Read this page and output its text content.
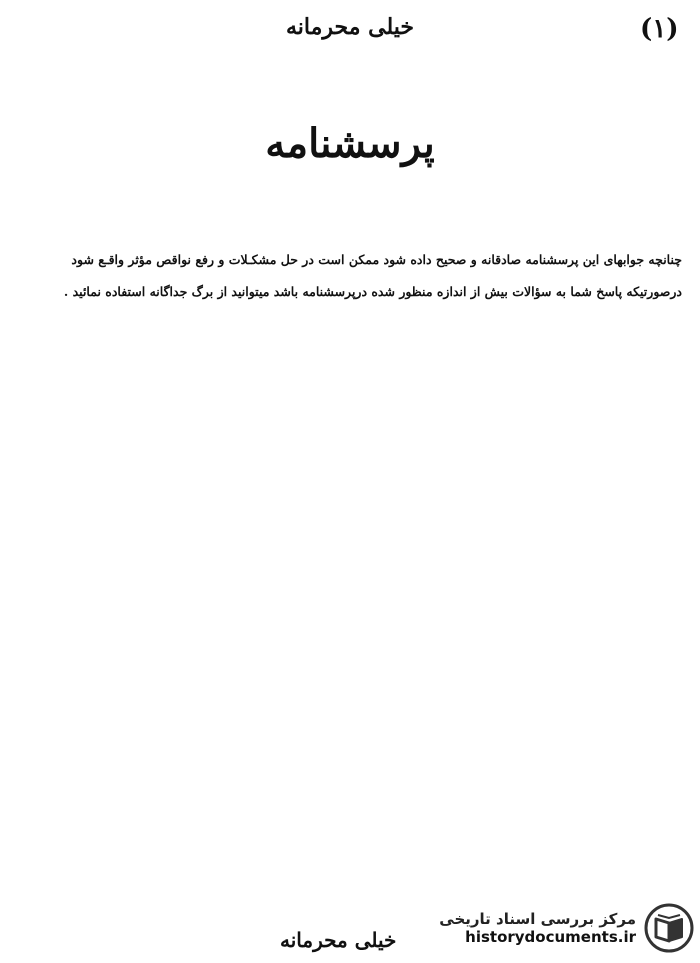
(۱)
خیلی محرمانه
پرسشنامه

چنانچه جوابهای این پرسشنامه صادقانه و صحیح داده شود ممکن است در حل مشکـلات و رفع نواقص مؤثر واقـع شود

درصورتیکه پاسخ شما به سؤالات بیش از اندازه منظور شده درپرسشنامه باشد میتوانید از برگ جداگانه استفاده نمائید .

خیلی محرمانه
مرکز بررسی اسناد تاریخی
historydocuments.ir
